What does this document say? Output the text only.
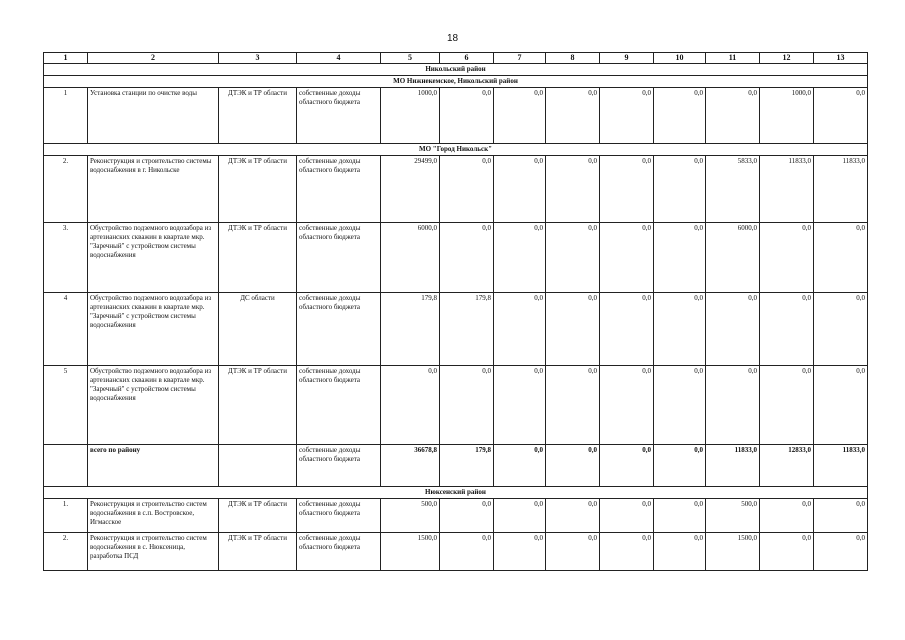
18
1	2	3	4	5	6	7	8	9	10	11	12	13
Никольский район												
МО Нижнекемское, Никольский район												
1	Установка станции по очистке воды	ДТЭК и ТР области	собственные доходы областного бюджета	1000,0	0,0	0,0	0,0	0,0	0,0	0,0	1000,0	0,0
МО "Город Никольск"												
2.	Реконструкция и строительство системы водоснабжения в г. Никольске	ДТЭК и ТР области	собственные доходы областного бюджета	29499,0	0,0	0,0	0,0	0,0	0,0	5833,0	11833,0	11833,0
3.	Обустройство подземного водозабора из артезианских скважин в квартале мкр. "Заречный" с устройством системы водоснабжения	ДТЭК и ТР области	собственные доходы областного бюджета	6000,0	0,0	0,0	0,0	0,0	0,0	6000,0	0,0	0,0
4	Обустройство подземного водозабора из артезианских скважин в квартале мкр. "Заречный" с устройством системы водоснабжения	ДС области	собственные доходы областного бюджета	179,8	179,8	0,0	0,0	0,0	0,0	0,0	0,0	0,0
5	Обустройство подземного водозабора из артезианских скважин в квартале мкр. "Заречный" с устройством системы водоснабжения	ДТЭК и ТР области	собственные доходы областного бюджета	0,0	0,0	0,0	0,0	0,0	0,0	0,0	0,0	0,0
	всего по району		собственные доходы областного бюджета	36678,8	179,8	0,0	0,0	0,0	0,0	11833,0	12833,0	11833,0
Нюксенский район												
1.	Реконструкция и строительство систем водоснабжения в с.п. Востровское, Игмасское	ДТЭК и ТР области	собственные доходы областного бюджета	500,0	0,0	0,0	0,0	0,0	0,0	500,0	0,0	0,0
2.	Реконструкция и строительство систем водоснабжения в с. Нюксеница, разработка ПСД	ДТЭК и ТР области	собственные доходы областного бюджета	1500,0	0,0	0,0	0,0	0,0	0,0	1500,0	0,0	0,0
